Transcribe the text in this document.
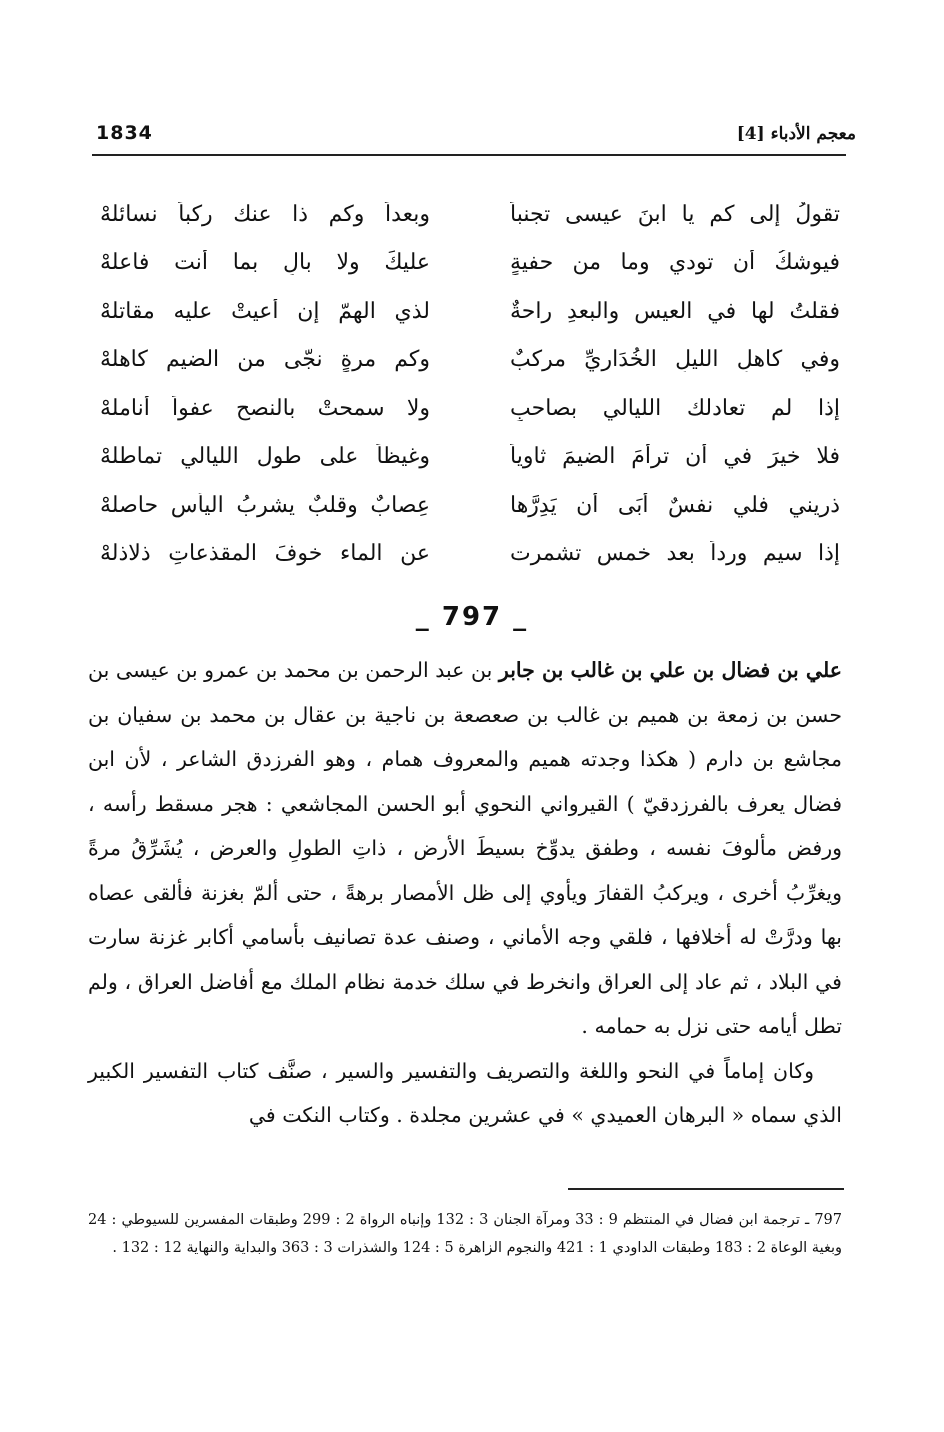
معجم الأدباء [4]
1834
تقولُ إلى كم يا ابنَ عيسى تجنباً
وبعداً وكم ذا عنك ركباً نسائلهْ
فيوشكُ أن تودي وما من حفيةٍ
عليكَ ولا بالٍ بما أنت فاعلهْ
فقلتُ لها في العيس والبعدِ راحةٌ
لذي الهمّ إن أعيتْ عليه مقاتلهْ
وفي كاهلِ الليلِ الخُدَارِيِّ مركبٌ
وكم مرةٍ نجّى من الضيم كاهلهْ
إذا لم تعادلك الليالي بصاحبٍ
ولا سمحتْ بالنصح عفواً أناملهْ
فلا خيرَ في أن ترأمَ الضيمَ ثاوياً
وغيظاً على طول الليالي تماطلهْ
ذريني فلي نفسٌ أَبَى أن يَدِرَّها
عِصابٌ وقلبٌ يشربُ اليأس حاصلهْ
إذا سيم ورداً بعد خمس تشمرت
عن الماء خوفَ المقذعاتِ ذلاذلهْ
_ 797 _

علي بن فضال بن علي بن غالب بن جابر بن عبد الرحمن بن محمد بن عمرو بن عيسى بن حسن بن زمعة بن هميم بن غالب بن صعصعة بن ناجية بن عقال بن محمد بن سفيان بن مجاشع بن دارم ( هكذا وجدته هميم والمعروف همام ، وهو الفرزدق الشاعر ، لأن ابن فضال يعرف بالفرزدقيّ ) القيرواني النحوي أبو الحسن المجاشعي : هجر مسقط رأسه ، ورفض مألوفَ نفسه ، وطفق يدوِّخ بسيطَ الأرض ، ذاتِ الطولِ والعرض ، يُشَرِّقُ مرةً ويغرِّبُ أخرى ، ويركبُ القفارَ ويأوي إلى ظل الأمصار برهةً ، حتى ألمّ بغزنة فألقى عصاه بها ودرَّتْ له أخلافها ، فلقي وجه الأماني ، وصنف عدة تصانيف بأسامي أكابر غزنة سارت في البلاد ، ثم عاد إلى العراق وانخرط في سلك خدمة نظام الملك مع أفاضل العراق ، ولم تطل أيامه حتى نزل به حمامه .

وكان إماماً في النحو واللغة والتصريف والتفسير والسير ، صنَّف كتاب التفسير الكبير الذي سماه « البرهان العميدي » في عشرين مجلدة . وكتاب النكت في

797 ـ ترجمة ابن فضال في المنتظم 9 : 33 ومرآة الجنان 3 : 132 وإنباه الرواة 2 : 299 وطبقات المفسرين للسيوطي : 24 وبغية الوعاة 2 : 183 وطبقات الداودي 1 : 421 والنجوم الزاهرة 5 : 124 والشذرات 3 : 363 والبداية والنهاية 12 : 132 .
